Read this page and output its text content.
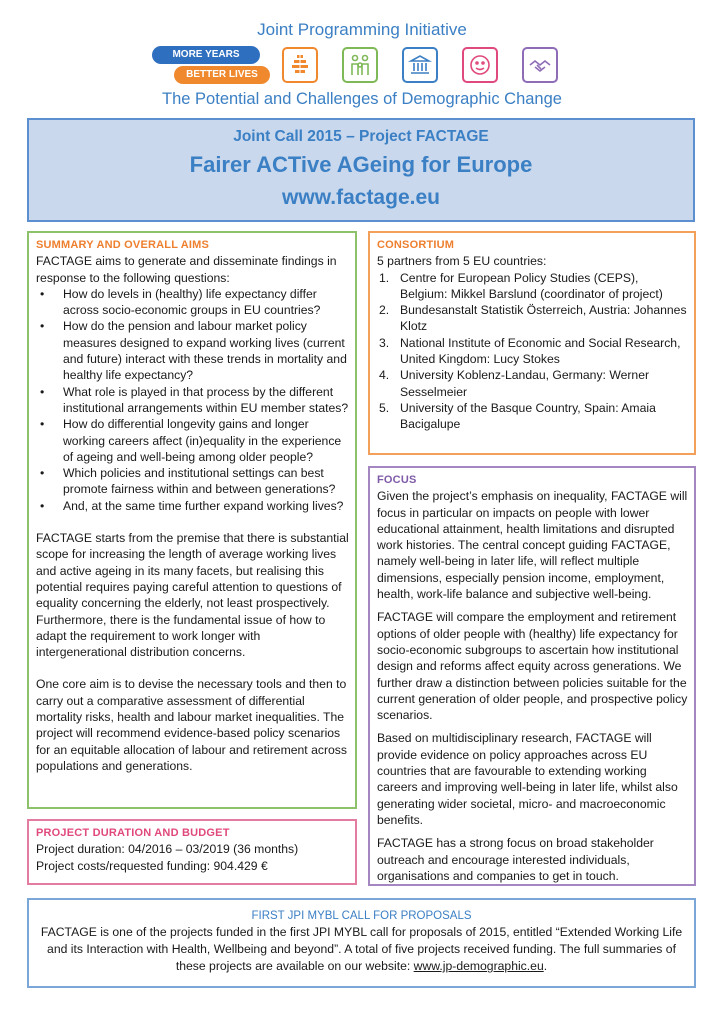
Joint Programming Initiative
MORE YEARS
BETTER LIVES
The Potential and Challenges of Demographic Change
Joint Call 2015 – Project FACTAGE
Fairer ACTive AGeing for Europe
www.factage.eu
SUMMARY AND OVERALL AIMS

FACTAGE aims to generate and disseminate findings in response to the following questions:

• How do levels in (healthy) life expectancy differ across socio-economic groups in EU countries?
• How do the pension and labour market policy measures designed to expand working lives (current and future) interact with these trends in mortality and healthy life expectancy?
• What role is played in that process by the different institutional arrangements within EU member states?
• How do differential longevity gains and longer working careers affect (in)equality in the experience of ageing and well-being among older people?
• Which policies and institutional settings can best promote fairness within and between generations?
• And, at the same time further expand working lives?

FACTAGE starts from the premise that there is substantial scope for increasing the length of average working lives and active ageing in its many facets, but realising this potential requires paying careful attention to questions of equality concerning the elderly, not least prospectively. Furthermore, there is the fundamental issue of how to adapt the requirement to work longer with intergenerational distribution concerns.

One core aim is to devise the necessary tools and then to carry out a comparative assessment of differential mortality risks, health and labour market inequalities. The project will recommend evidence-based policy scenarios for an equitable allocation of labour and retirement across populations and generations.

PROJECT DURATION AND BUDGET

Project duration: 04/2016 – 03/2019 (36 months)

Project costs/requested funding: 904.429 €

CONSORTIUM

5 partners from 5 EU countries:

1. Centre for European Policy Studies (CEPS), Belgium: Mikkel Barslund (coordinator of project)
2. Bundesanstalt Statistik Österreich, Austria: Johannes Klotz
3. National Institute of Economic and Social Research, United Kingdom: Lucy Stokes
4. University Koblenz-Landau, Germany: Werner Sesselmeier
5. University of the Basque Country, Spain: Amaia Bacigalupe
FOCUS

Given the project’s emphasis on inequality, FACTAGE will focus in particular on impacts on people with lower educational attainment, health limitations and disrupted work histories. The central concept guiding FACTAGE, namely well-being in later life, will reflect multiple dimensions, especially pension income, employment, health, work-life balance and subjective well-being.

FACTAGE will compare the employment and retirement options of older people with (healthy) life expectancy for socio-economic subgroups to ascertain how institutional design and reforms affect equity across generations. We further draw a distinction between policies suitable for the current generation of older people, and prospective policy scenarios.

Based on multidisciplinary research, FACTAGE will provide evidence on policy approaches across EU countries that are favourable to extending working careers and improving well-being in later life, whilst also generating wider societal, micro- and macroeconomic benefits.

FACTAGE has a strong focus on broad stakeholder outreach and encourage interested individuals, organisations and companies to get in touch.

FIRST JPI MYBL CALL FOR PROPOSALS
FACTAGE is one of the projects funded in the first JPI MYBL call for proposals of 2015, entitled “Extended Working Life and its Interaction with Health, Wellbeing and beyond”. A total of five projects received funding. The full summaries of these projects are available on our website: www.jp-demographic.eu.
